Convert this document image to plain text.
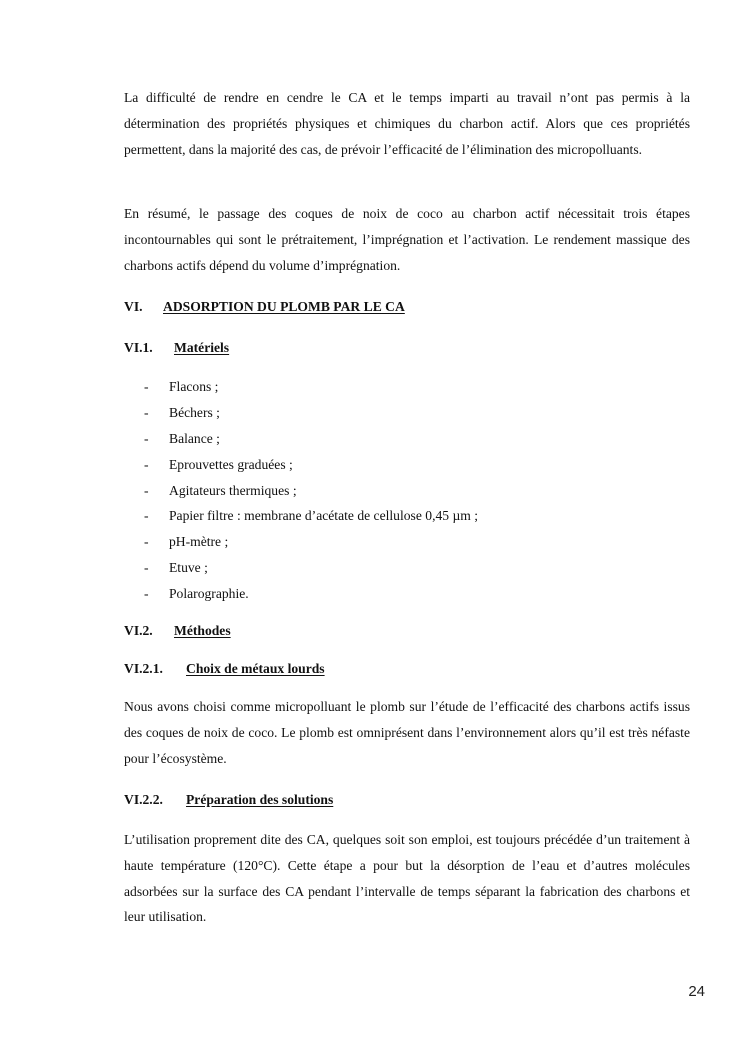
La difficulté de rendre en cendre le CA et le temps imparti au travail n’ont pas permis à la détermination des propriétés physiques et chimiques du charbon actif. Alors que ces propriétés permettent, dans la majorité des cas, de prévoir l’efficacité de l’élimination des micropolluants.

En résumé, le passage des coques de noix de coco au charbon actif nécessitait trois étapes incontournables qui sont le prétraitement, l’imprégnation et l’activation. Le rendement massique des charbons actifs dépend du volume d’imprégnation.

VI. ADSORPTION DU PLOMB PAR LE CA
VI.1. Matériels
- Flacons ;
- Béchers ;
- Balance ;
- Eprouvettes graduées ;
- Agitateurs thermiques ;
- Papier filtre : membrane d’acétate de cellulose 0,45 µm ;
- pH-mètre ;
- Etuve ;
- Polarographie.
VI.2. Méthodes
VI.2.1. Choix de métaux lourds

Nous avons choisi comme micropolluant le plomb sur l’étude de l’efficacité des charbons actifs issus des coques de noix de coco. Le plomb est omniprésent dans l’environnement alors qu’il est très néfaste pour l’écosystème.

VI.2.2. Préparation des solutions

L’utilisation proprement dite des CA, quelques soit son emploi, est toujours précédée d’un traitement à haute température (120°C). Cette étape a pour but la désorption de l’eau et d’autres molécules adsorbées sur la surface des CA pendant l’intervalle de temps séparant la fabrication des charbons et leur utilisation.

24
